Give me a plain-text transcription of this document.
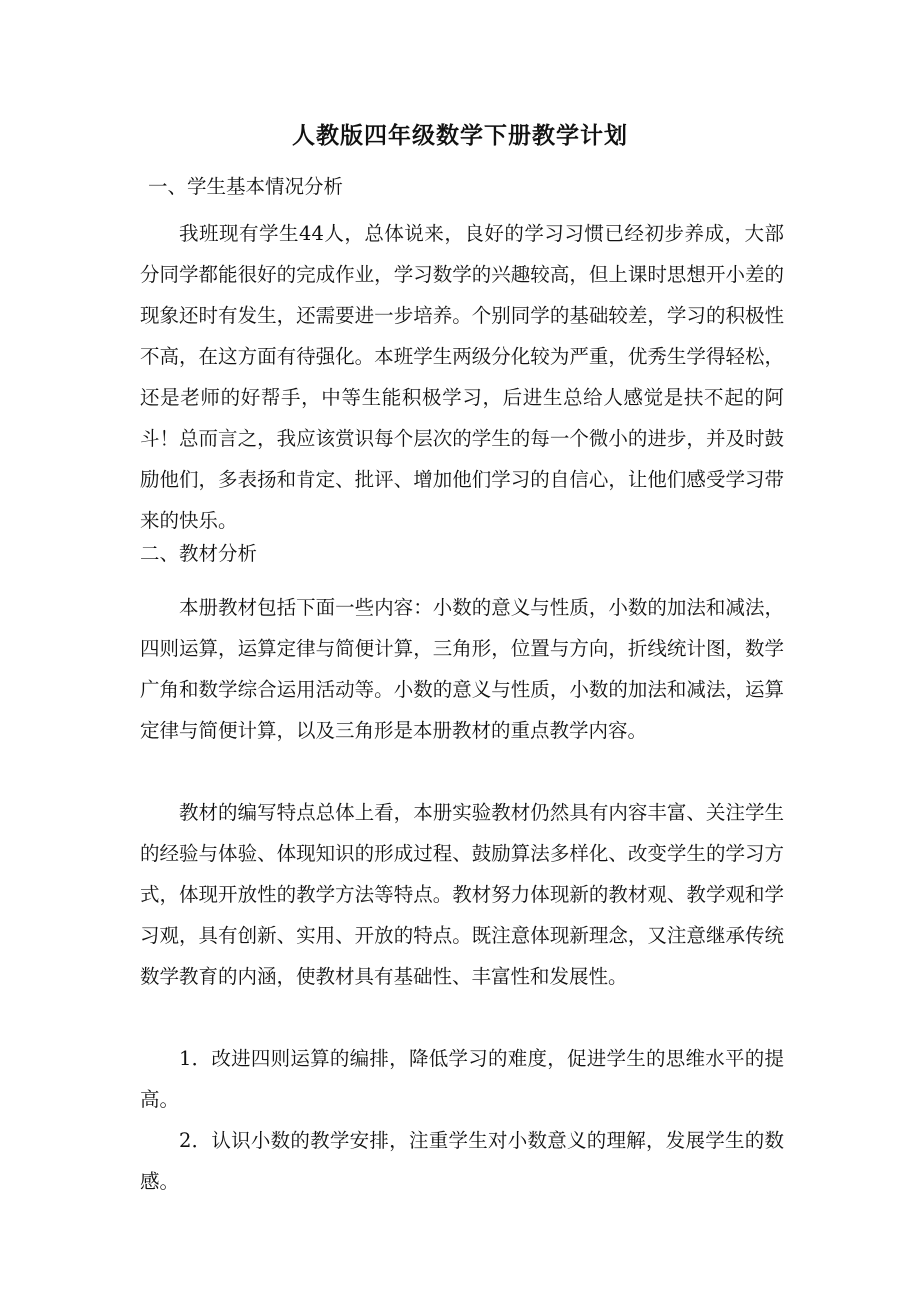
人教版四年级数学下册教学计划

一、学生基本情况分析

我班现有学生44人，总体说来，良好的学习习惯已经初步养成，大部分同学都能很好的完成作业，学习数学的兴趣较高，但上课时思想开小差的现象还时有发生，还需要进一步培养。个别同学的基础较差，学习的积极性不高，在这方面有待强化。本班学生两级分化较为严重，优秀生学得轻松，还是老师的好帮手，中等生能积极学习，后进生总给人感觉是扶不起的阿斗！总而言之，我应该赏识每个层次的学生的每一个微小的进步，并及时鼓励他们，多表扬和肯定、批评、增加他们学习的自信心，让他们感受学习带来的快乐。

二、教材分析

本册教材包括下面一些内容：小数的意义与性质，小数的加法和减法，四则运算，运算定律与简便计算，三角形，位置与方向，折线统计图，数学广角和数学综合运用活动等。小数的意义与性质，小数的加法和减法，运算定律与简便计算，以及三角形是本册教材的重点教学内容。

教材的编写特点总体上看，本册实验教材仍然具有内容丰富、关注学生的经验与体验、体现知识的形成过程、鼓励算法多样化、改变学生的学习方式，体现开放性的教学方法等特点。教材努力体现新的教材观、教学观和学习观，具有创新、实用、开放的特点。既注意体现新理念，又注意继承传统数学教育的内涵，使教材具有基础性、丰富性和发展性。

1．改进四则运算的编排，降低学习的难度，促进学生的思维水平的提高。

2．认识小数的教学安排，注重学生对小数意义的理解，发展学生的数感。
